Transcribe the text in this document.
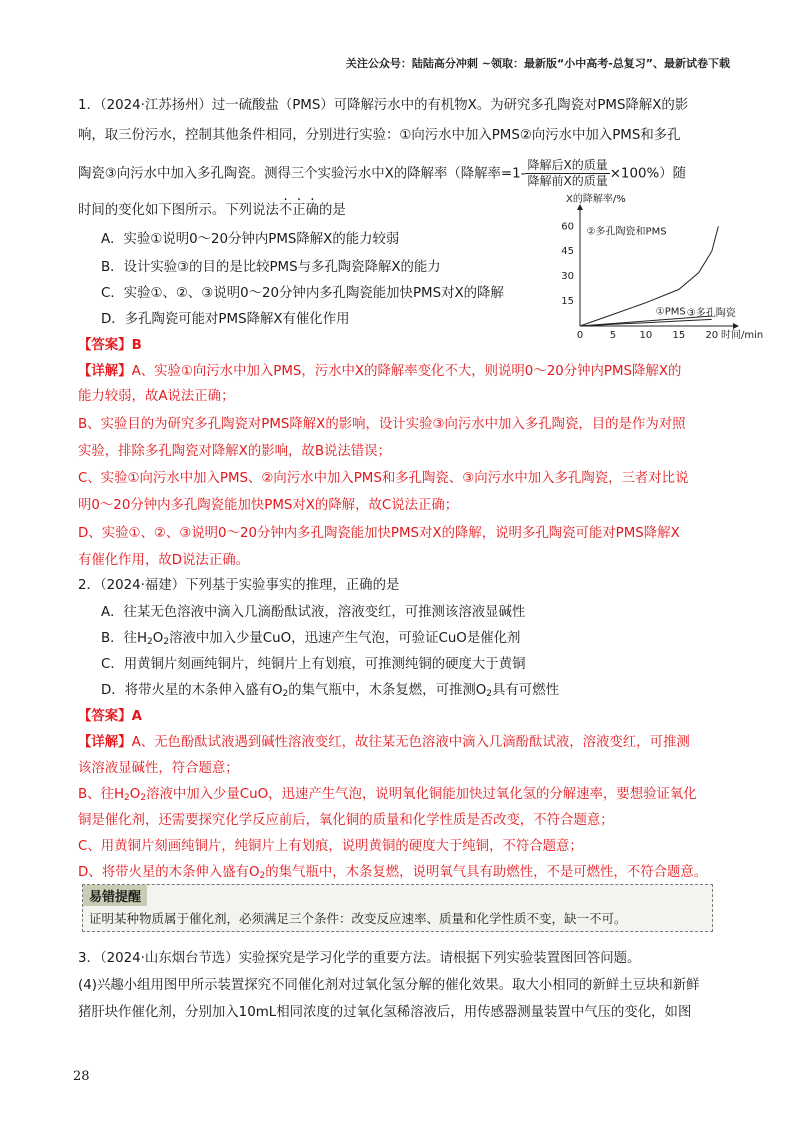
关注公众号：陆陆高分冲刺 ~领取：最新版“小中高考-总复习”、最新试卷下载
1．（2024·江苏扬州）过一硫酸盐（PMS）可降解污水中的有机物X。为研究多孔陶瓷对PMS降解X的影
响，取三份污水，控制其他条件相同，分别进行实验：①向污水中加入PMS②向污水中加入PMS和多孔
陶瓷③向污水中加入多孔陶瓷。测得三个实验污水中X的降解率（降解率$=1- \frac{\text{降解后X的质量}}{\text{降解前X的质量}} \times 100\%$）随
时间的变化如下图所示。下列说法不正确的是
A．实验①说明0～20分钟内PMS降解X的能力较弱
B．设计实验③的目的是比较PMS与多孔陶瓷降解X的能力
C．实验①、②、③说明0～20分钟内多孔陶瓷能加快PMS对X的降解
D．多孔陶瓷可能对PMS降解X有催化作用
X的降解率/%
时间/min
0	5 10 15 20
15
30
45
60 ②多孔陶瓷和PMS
①PMS ③多孔陶瓷
【答案】B
【详解】A、实验①向污水中加入PMS，污水中X的降解率变化不大，则说明0～20分钟内PMS降解X的
能力较弱，故A说法正确；
B、实验目的为研究多孔陶瓷对PMS降解X的影响，设计实验③向污水中加入多孔陶瓷，目的是作为对照
实验，排除多孔陶瓷对降解X的影响，故B说法错误；
C、实验①向污水中加入PMS、②向污水中加入PMS和多孔陶瓷、③向污水中加入多孔陶瓷，三者对比说
明0～20分钟内多孔陶瓷能加快PMS对X的降解，故C说法正确；
D、实验①、②、③说明0～20分钟内多孔陶瓷能加快PMS对X的降解，说明多孔陶瓷可能对PMS降解X
有催化作用，故D说法正确。
2．（2024·福建）下列基于实验事实的推理，正确的是
A．往某无色溶液中滴入几滴酚酞试液，溶液变红，可推测该溶液显碱性
B．往$H_2O_2$溶液中加入少量CuO，迅速产生气泡，可验证CuO是催化剂
C．用黄铜片刻画纯铜片，纯铜片上有划痕，可推测纯铜的硬度大于黄铜
D．将带火星的木条伸入盛有$O_2$的集气瓶中，木条复燃，可推测$O_2$具有可燃性
【答案】A
【详解】A、无色酚酞试液遇到碱性溶液变红，故往某无色溶液中滴入几滴酚酞试液，溶液变红，可推测
该溶液显碱性，符合题意；
B、往$H_2O_2$溶液中加入少量CuO，迅速产生气泡，说明氧化铜能加快过氧化氢的分解速率，要想验证氧化
铜是催化剂，还需要探究化学反应前后，氧化铜的质量和化学性质是否改变，不符合题意；
C、用黄铜片刻画纯铜片，纯铜片上有划痕，说明黄铜的硬度大于纯铜，不符合题意；
D、将带火星的木条伸入盛有$O_2$的集气瓶中，木条复燃，说明氧气具有助燃性，不是可燃性，不符合题意。
易错提醒
证明某种物质属于催化剂，必须满足三个条件：改变反应速率、质量和化学性质不变，缺一不可。
3．（2024·山东烟台节选）实验探究是学习化学的重要方法。请根据下列实验装置图回答问题。
(4)兴趣小组用图甲所示装置探究不同催化剂对过氧化氢分解的催化效果。取大小相同的新鲜土豆块和新鲜
猪肝块作催化剂，分别加入10mL相同浓度的过氧化氢稀溶液后，用传感器测量装置中气压的变化，如图
28
